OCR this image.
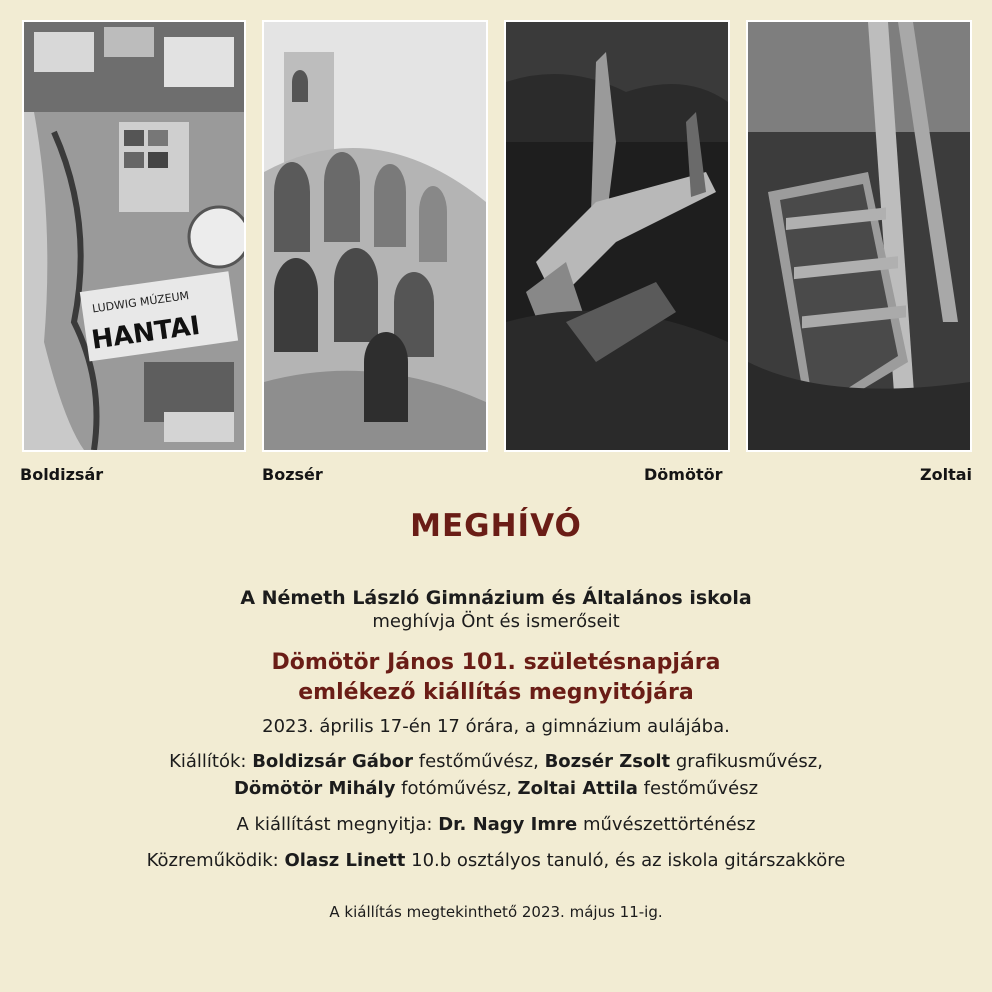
LUDWIG MÚZEUM
HANTAI
Boldizsár	Bozsér	Dömötör	Zoltai
MEGHÍVÓ
A Németh László Gimnázium és Általános iskola
meghívja Önt és ismerőseit
Dömötör János 101. születésnapjára
emlékező kiállítás megnyitójára
2023. április 17-én 17 órára, a gimnázium aulájába.
Kiállítók: Boldizsár Gábor festőművész, Bozsér Zsolt grafikusművész,
Dömötör Mihály fotóművész, Zoltai Attila festőművész
A kiállítást megnyitja: Dr. Nagy Imre művészettörténész
Közreműködik: Olasz Linett 10.b osztályos tanuló, és az iskola gitárszakköre
A kiállítás megtekinthető 2023. május 11-ig.
